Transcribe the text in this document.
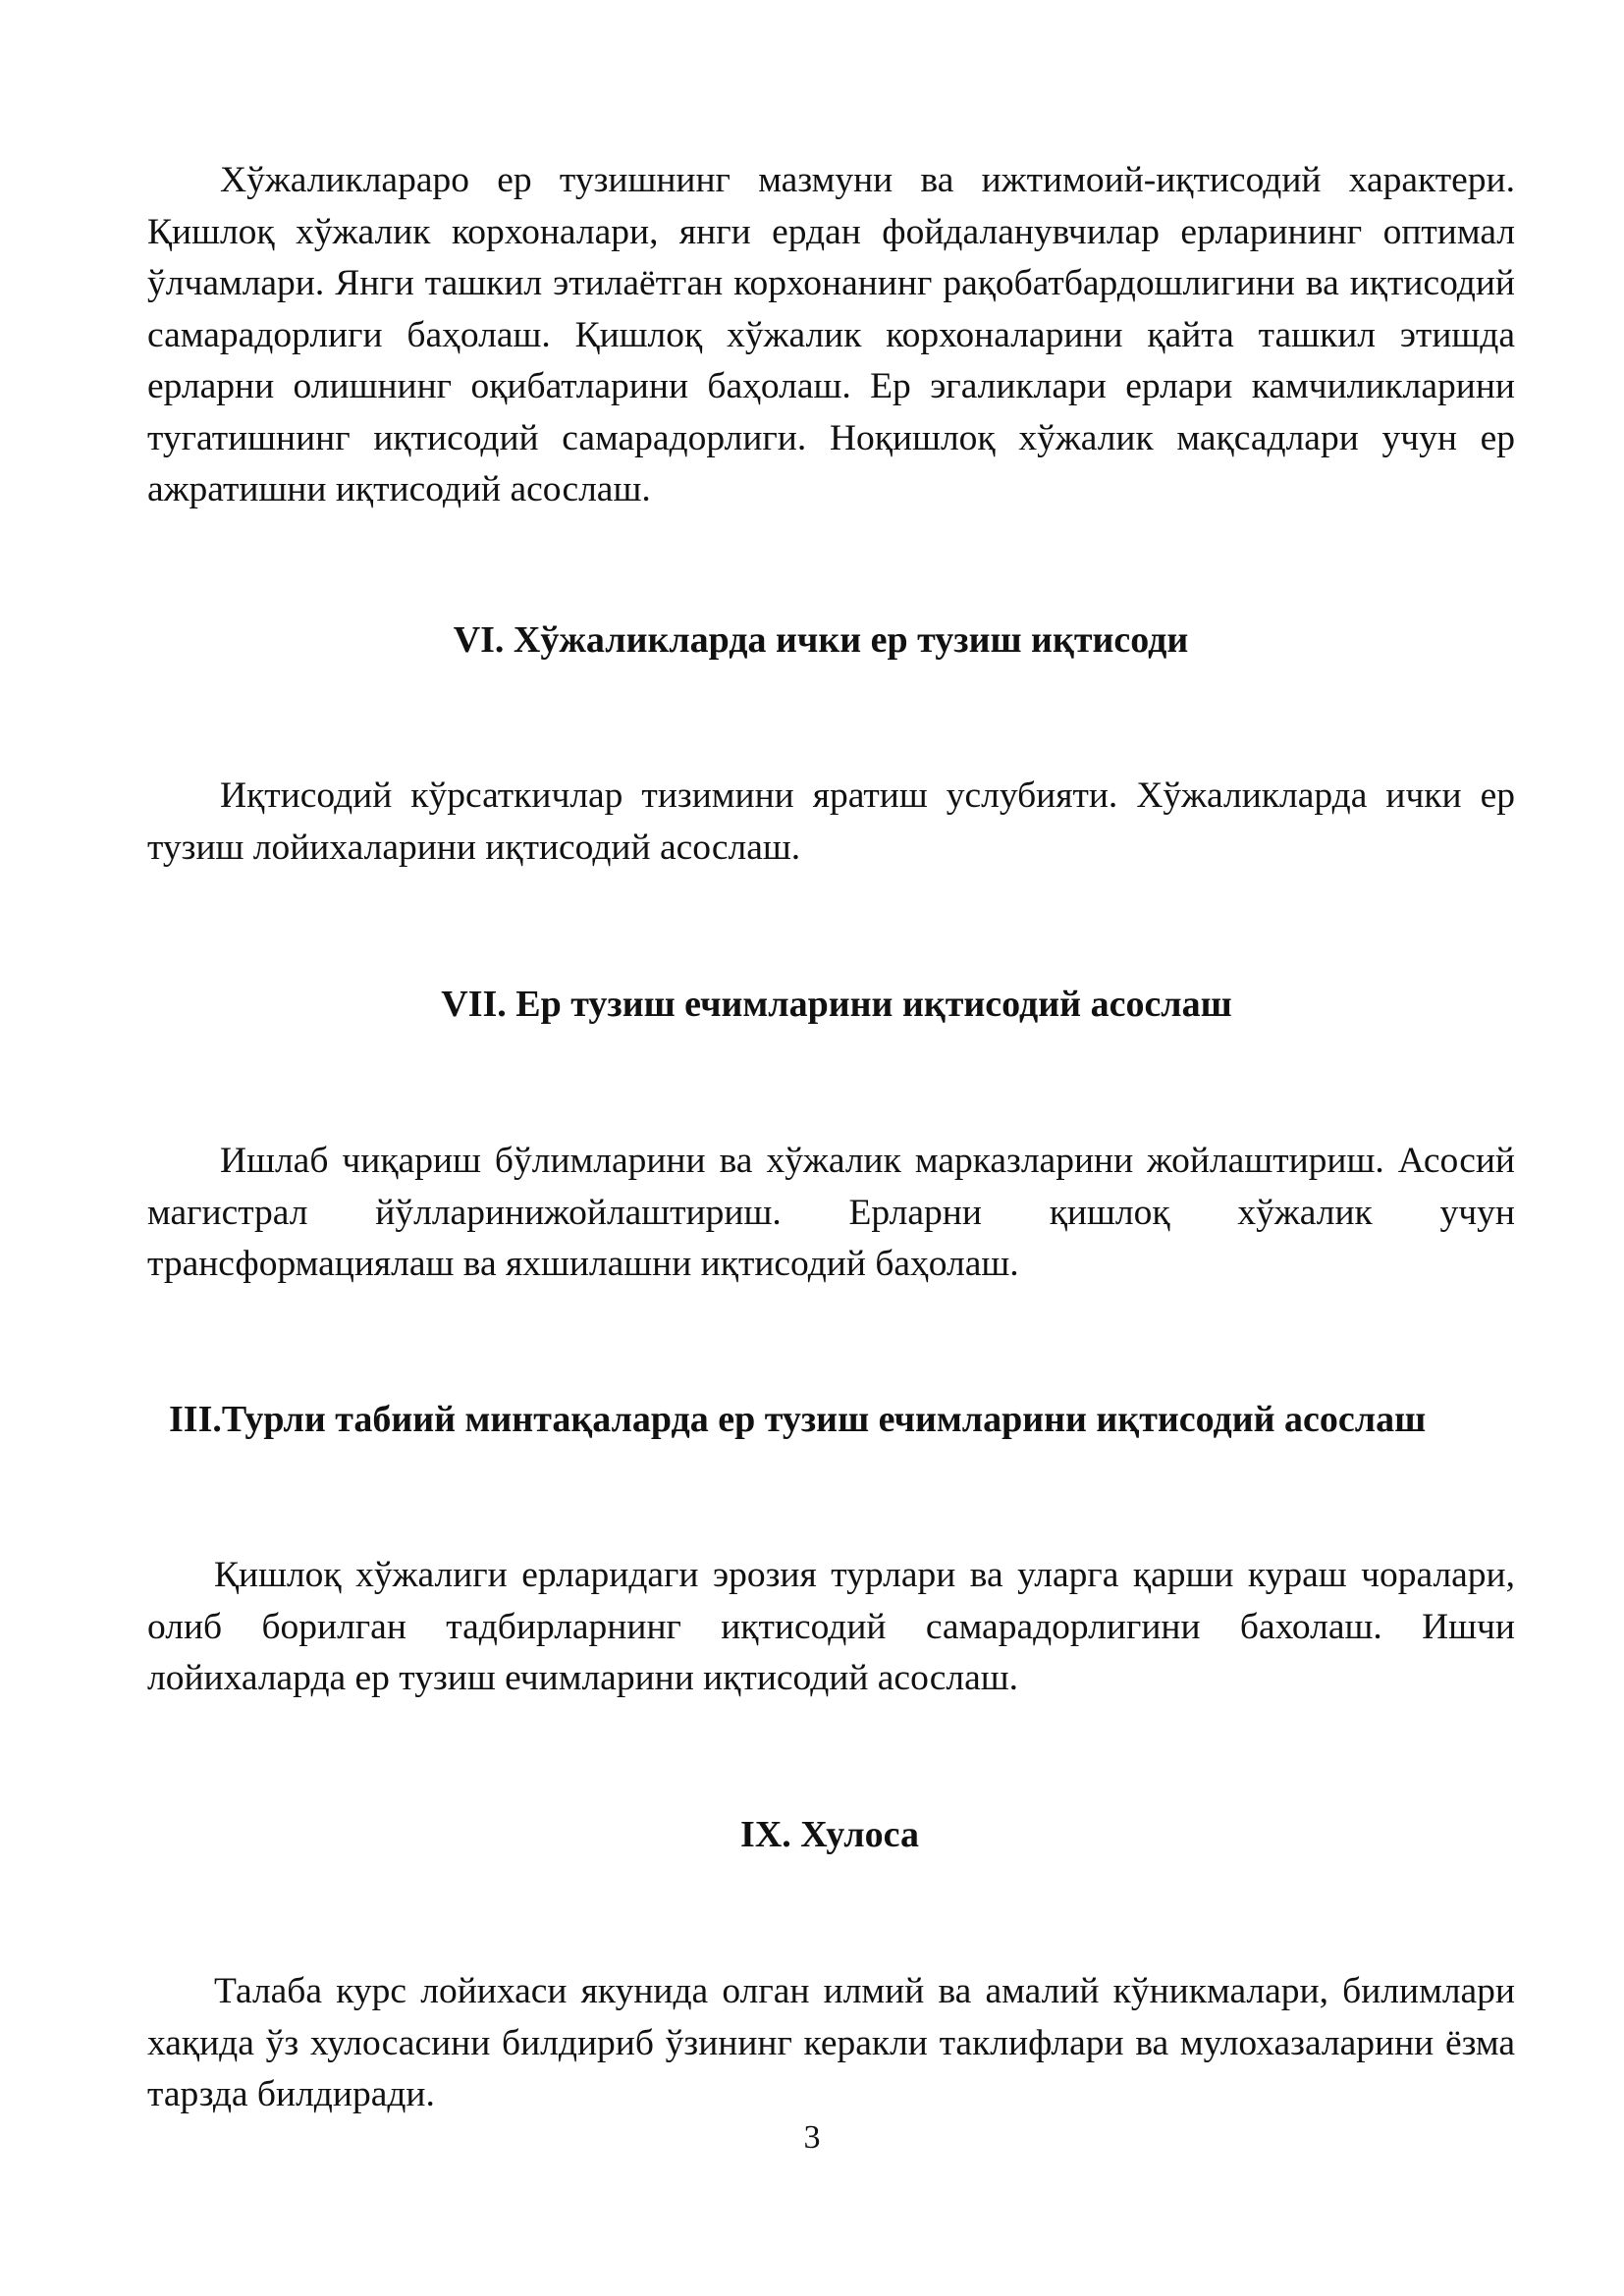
Хўжаликлараро ер тузишнинг мазмуни ва ижтимоий-иқтисодий характери. Қишлоқ хўжалик корхоналари, янги ердан фойдаланувчилар ерларининг оптимал ўлчамлари. Янги ташкил этилаётган корхонанинг рақобатбардошлигини ва иқтисодий самарадорлиги баҳолаш. Қишлоқ хўжалик корхоналарини қайта ташкил этишда ерларни олишнинг оқибатларини баҳолаш. Ер эгаликлари ерлари камчиликларини тугатишнинг иқтисодий самарадорлиги. Ноқишлоқ хўжалик мақсадлари учун ер ажратишни иқтисодий асослаш.

VI. Хўжаликларда ички ер тузиш иқтисоди

Иқтисодий кўрсаткичлар тизимини яратиш услубияти. Хўжаликларда ички ер тузиш лойихаларини иқтисодий асослаш.

VII. Ер тузиш ечимларини иқтисодий асослаш

Ишлаб чиқариш бўлимларини ва хўжалик марказларини жойлаштириш. Асосий магистрал йўлларинижойлаштириш. Ерларни қишлоқ хўжалик учун трансформациялаш ва яхшилашни иқтисодий баҳолаш.

III.Турли табиий минтақаларда ер тузиш ечимларини иқтисодий асослаш

Қишлоқ хўжалиги ерларидаги эрозия турлари ва уларга қарши кураш чоралари, олиб борилган тадбирларнинг иқтисодий самарадорлигини бахолаш. Ишчи лойихаларда ер тузиш ечимларини иқтисодий асослаш.

IX. Хулоса

Талаба курс лойихаси якунида олган илмий ва амалий кўникмалари, билимлари хақида ўз хулосасини билдириб ўзининг керакли таклифлари ва мулохазаларини ёзма тарзда билдиради.

3
